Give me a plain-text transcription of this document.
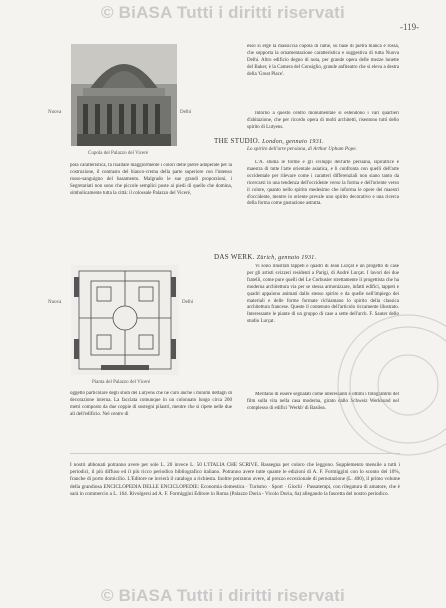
© BiASA Tutti i diritti riservati
-119-
Nuova	Delhi
Cupola del Palazzo del Viceré
pola caratteristica, fa risaltare maggiormente i colori delle pietre adoperate per la costruzione, il contrasto del bianco-crema della parte superiore con l'intenso rosso-sanguigno del basamento. Malgrado le sue grandi proporzioni, i Segretariati non sono che piccole semplici poste ai piedi di quello che domina, simbolicamente tutta la città: il colossale Palazzo del Viceré,
Nuova	Delhi
Pianta del Palazzo del Viceré
oggetto particolare degli studi del Lutyens che ne curò anche i minimi dettagli di decorazione interna. La facciata comunque in un colonnato lungo circa 200 metri composto da due coppie di sostegni pilastri, mentre che si ripete nelle due ali dell'edificio. Nel centro di
esso si erge la massiccia cupola di rame, su base di pietra bianca e rossa, che sopporta la ornamentazione caratteristica e suggestiva di tutta Nuova Delhi. Altro edificio degno di nota, per grande opera delle mezze lunette del Baker, è la Camera del Consiglio, grande anfiteatro che si eleva a destra della 'Great Place'.
Intorno a questo centro monumentale si estendono i vari quartieri d'abitazione, che per ricordo opera di molti architetti, risentono tutti dello spirito di Lutyens.
THE STUDIO. London, gennaio 1931.
Lo spirito dell'arte persiana, di Arthur Upham Pope.
L'A. studia le forme e gli sviluppi dell'arte persiana, ispiratrice e maestra di tutte l'arte orientale asiatica, e li confronta con quelli dell'arte occidentale per rilevare come i caratteri differenziali non siano tanto da ricercarsi in una tendenza dell'occidente verso la forma e dell'oriente verso il colore, quanto nello spirito medesimo che informa le opere dei maestri d'occidente, mentre in oriente prevale uno spirito decorativo e una ricerca della forma come gustazione astratta.
DAS WERK. Zürich, gennaio 1931.
Vi sono illustrati tappeti e quadri di Jean Lurçat e un progetto di case per gli artisti svizzeri residenti a Parigi, di André Lurçat. I lavori dei due fratelli, come pure quelli del Le Corbusier strettamente il progettista che ha moderna architettura via per se stessa armonizzare, infatti edifici, tappeti e quadri appaiono animati dallo stesso spirito e da quelle nell'impiego dei materiali e delle forme formate richiamano lo spirito della classica architettura francese. Queste il contenuto dell'articolo riccamente illustrato. Interessante le piante di un gruppo di case a sette dell'arch. F. Sauter dello studio Lurçat.
Meritano di essere segnalati come interessanti e ottimi i fotogrammi del film sulla vita nella casa moderna, girato dallo Schweiz Werkbund nel complesso di edifici 'Werkb' di Basilea.
I nostri abbonati potranno avere per sole L. 20 invece L. 50 L'ITALIA CHE SCRIVE. Rassegna per coloro che leggono. Supplemento mensile a tutti i periodici, il più diffuso ed il più ricco periodico bibliografico italiano. Potranno avere tutte quante le edizioni di A. F. Formiggini con lo sconto del 10%, franche di porto domicilio. L'Editore ne invierà il catalogo a richiesta. Inoltre potranno avere, al prezzo eccezionale di pernotazione (L. 400), il primo volume della grandiosa ENCICLOPEDIA DELLE ENCICLOPEDIE: Economia domestica · Turismo · Sport · Giochi · Passatempi, con rilegatura di amatore, che è sarà in commercio a L. 164. Rivolgersi ad A. F. Formiggini Editore in Roma (Palazzo Doria - Vicolo Doria, 6a) allegando la fascetta del nostro periodico.
© BiASA Tutti i diritti riservati
